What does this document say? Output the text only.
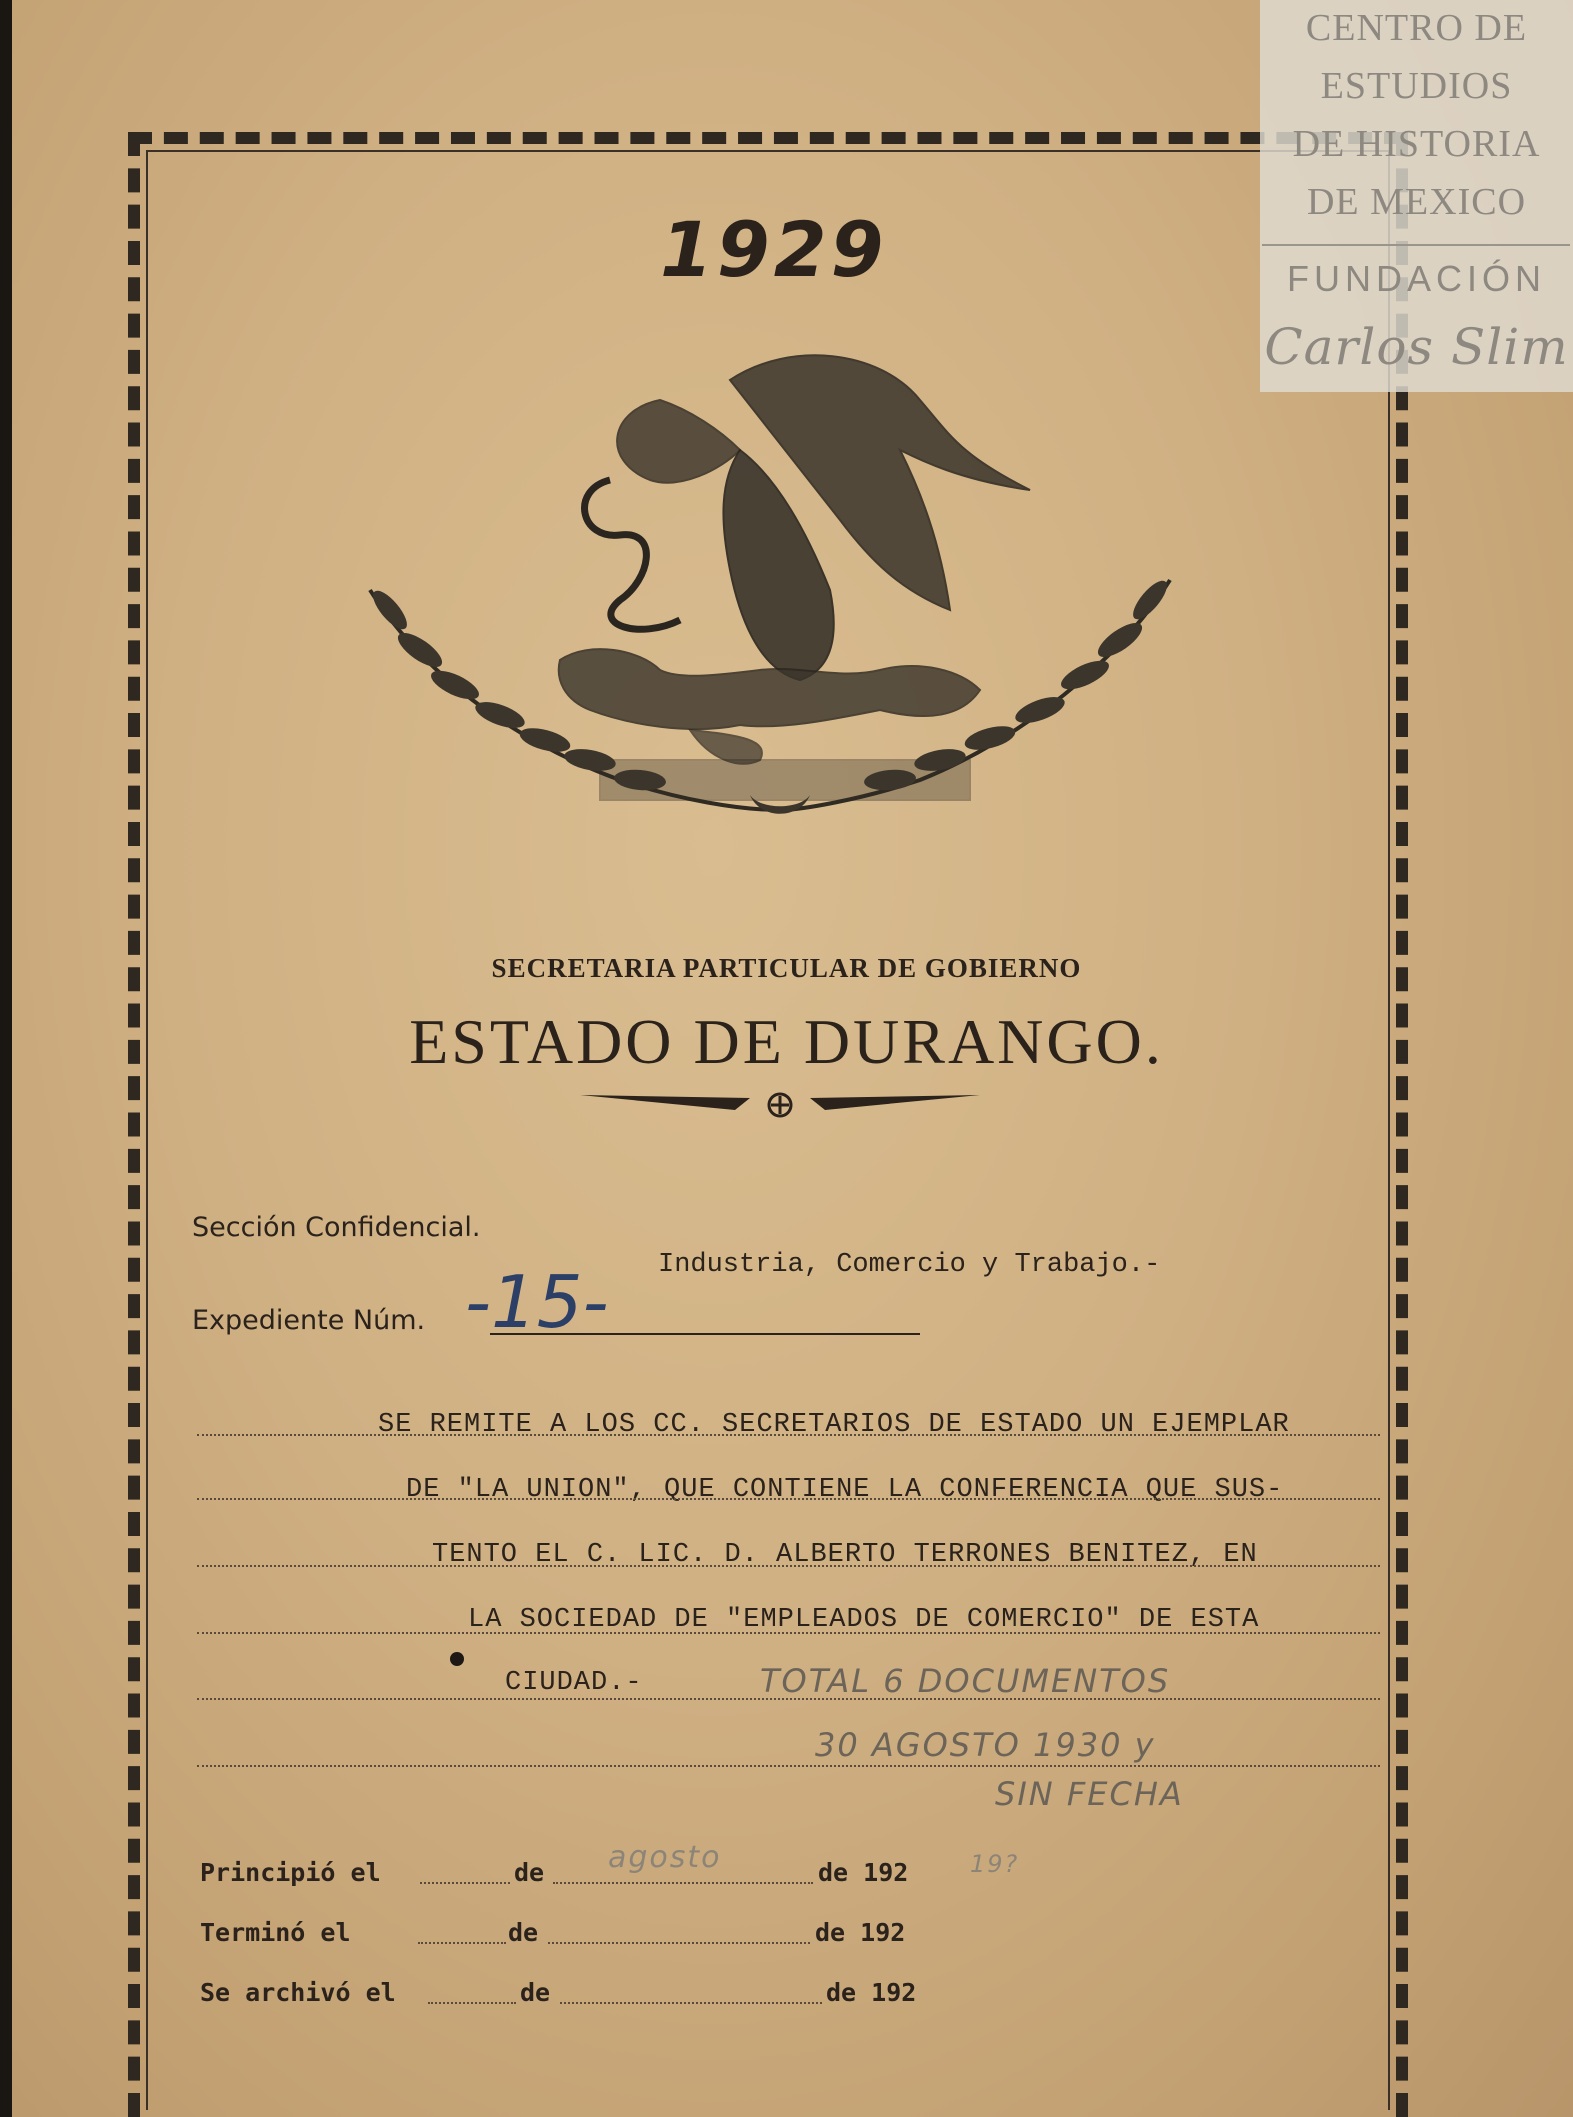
1929
SECRETARIA PARTICULAR DE GOBIERNO
ESTADO DE DURANGO.
Sección Confidencial.
Industria, Comercio y Trabajo.-
Expediente Núm. -15-
SE REMITE A LOS CC. SECRETARIOS DE ESTADO UN EJEMPLAR
DE "LA UNION", QUE CONTIENE LA CONFERENCIA QUE SUS-
TENTO EL C. LIC. D. ALBERTO TERRONES BENITEZ, EN
LA SOCIEDAD DE "EMPLEADOS DE COMERCIO" DE ESTA
CIUDAD.-	TOTAL 6 DOCUMENTOS
30 AGOSTO 1930 y
SIN FECHA
Principió el	de agosto	de 192	19?
Terminó el	de	de 192
Se archivó el	de	de 192
CENTRO DE
ESTUDIOS
DE HISTORIA
DE MEXICO
FUNDACIÓN
Carlos Slim
